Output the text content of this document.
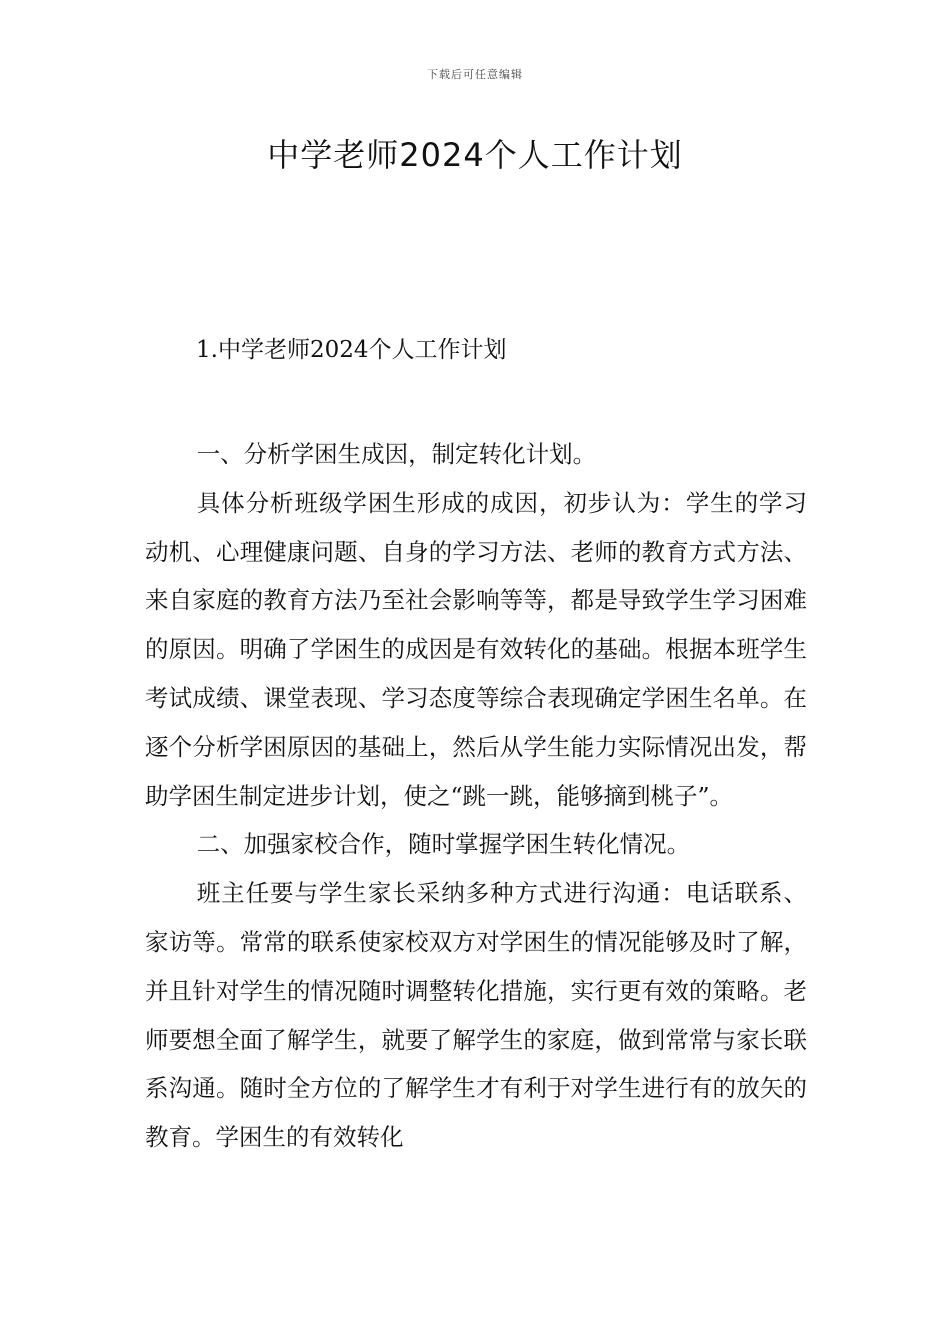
下载后可任意编辑
中学老师2024个人工作计划
1.中学老师2024个人工作计划

一、分析学困生成因，制定转化计划。

具体分析班级学困生形成的成因，初步认为：学生的学习动机、心理健康问题、自身的学习方法、老师的教育方式方法、来自家庭的教育方法乃至社会影响等等，都是导致学生学习困难的原因。明确了学困生的成因是有效转化的基础。根据本班学生考试成绩、课堂表现、学习态度等综合表现确定学困生名单。在逐个分析学困原因的基础上，然后从学生能力实际情况出发，帮助学困生制定进步计划，使之“跳一跳，能够摘到桃子”。

二、加强家校合作，随时掌握学困生转化情况。

班主任要与学生家长采纳多种方式进行沟通：电话联系、家访等。常常的联系使家校双方对学困生的情况能够及时了解，并且针对学生的情况随时调整转化措施，实行更有效的策略。老师要想全面了解学生，就要了解学生的家庭，做到常常与家长联系沟通。随时全方位的了解学生才有利于对学生进行有的放矢的教育。学困生的有效转化
